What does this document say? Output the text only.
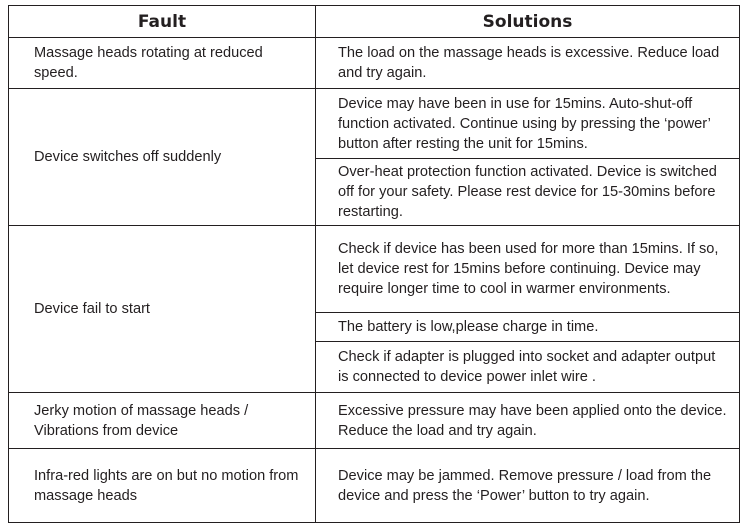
Fault	Solutions
Massage heads rotating at reduced speed.	The load on the massage heads is excessive. Reduce load and try again.
Device switches off suddenly	Device may have been in use for 15mins. Auto-shut-off function activated. Continue using by pressing the ‘power’ button after resting the unit for 15mins.
	Over-heat protection function activated. Device is switched off for your safety. Please rest device for 15-30mins before restarting.
Device fail to start	Check if device has been used for more than 15mins. If so, let device rest for 15mins before continuing. Device may require longer time to cool in warmer environments.
	The battery is low,please charge in time.
	Check if adapter is plugged into socket and adapter output is connected to device power inlet wire .
Jerky motion of massage heads / Vibrations from device	Excessive pressure may have been applied onto the device. Reduce the load and try again.
Infra-red lights are on but no motion from massage heads	Device may be jammed. Remove pressure / load from the device and press the ‘Power’ button to try again.
